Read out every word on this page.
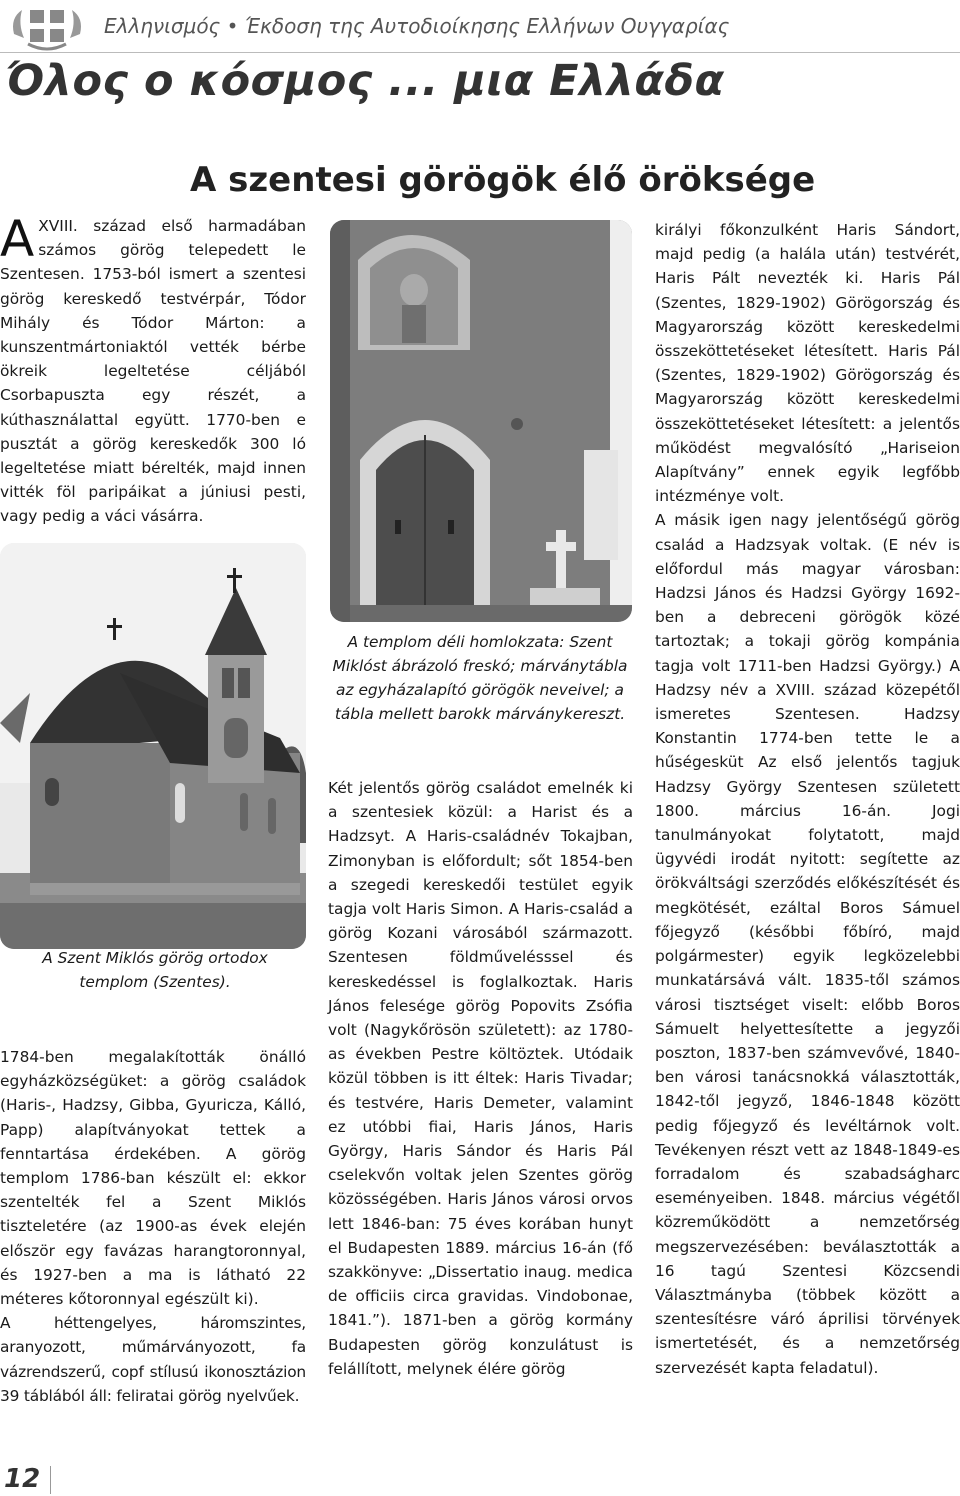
Ελληνισμός • Έκδοση της Αυτοδιοίκησης Ελλήνων Ουγγαρίας
Όλος ο κόσμος ... μια Ελλάδα
A szentesi görögök élő öröksége

AXVIII. század első harmadában számos görög telepedett le Szentesen. 1753-ból ismert a szentesi görög kereskedő testvérpár, Tódor Mihály és Tódor Márton: a kunszentmártoniaktól vették bérbe ökreik legeltetése céljából Csorbapuszta egy részét, a kúthasználattal együtt. 1770-ben e pusztát a görög kereskedők 300 ló legeltetése miatt bérelték, majd innen vitték föl paripáikat a júniusi pesti, vagy pedig a váci vásárra.

A Szent Miklós görög ortodox templom (Szentes).

1784-ben megalakították önálló egyházközségüket: a görög családok (Haris-, Hadzsy, Gibba, Gyuricza, Kálló, Papp) alapítványokat tettek a fenntartása érdekében. A görög templom 1786-ban készült el: ekkor szentelték fel a Szent Miklós tiszteletére (az 1900-as évek elején először egy favázas harangtoronnyal, és 1927-ben a ma is látható 22 méteres kőtoronnyal egészült ki).

A héttengelyes, háromszintes, aranyozott, műmárványozott, fa vázrendszerű, copf stílusú ikonosztázion 39 táblából áll: feliratai görög nyelvűek.

A templom déli homlokzata: Szent Miklóst ábrázoló freskó; márványtábla az egyházalapító görögök neveivel; a tábla mellett barokk márványkereszt.

Két jelentős görög családot emelnék ki a szentesiek közül: a Harist és a Hadzsyt. A Haris-családnév Tokajban, Zimonyban is előfordult; sőt 1854-ben a szegedi kereskedői testület egyik tagja volt Haris Simon. A Haris-család a görög Kozani városából származott. Szentesen földművelésssel és kereskedéssel is foglalkoztak. Haris János felesége görög Popovits Zsófia volt (Nagykőrösön született): az 1780-as években Pestre költöztek. Utódaik közül többen is itt éltek: Haris Tivadar; és testvére, Haris Demeter, valamint ez utóbbi fiai, Haris János, Haris György, Haris Sándor és Haris Pál cselekvőn voltak jelen Szentes görög közösségében. Haris János városi orvos lett 1846-ban: 75 éves korában hunyt el Budapesten 1889. március 16-án (fő szakkönyve: „Dissertatio inaug. medica de officiis circa gravidas. Vindobonae, 1841.”). 1871-ben a görög kormány Budapesten görög konzulátust is felállított, melynek élére görög

királyi főkonzulként Haris Sándort, majd pedig (a halála után) testvérét, Haris Pált nevezték ki. Haris Pál (Szentes, 1829-1902) Görögország és Magyarország között kereskedelmi összeköttetéseket létesített. Haris Pál (Szentes, 1829-1902) Görögország és Magyarország között kereskedelmi összeköttetéseket létesített: a jelentős működést megvalósító „Hariseion Alapítvány” ennek egyik legfőbb intézménye volt.

A másik igen nagy jelentőségű görög család a Hadzsyak voltak. (E név is előfordul más magyar városban: Hadzsi János és Hadzsi György 1692-ben a debreceni görögök közé tartoztak; a tokaji görög kompánia tagja volt 1711-ben Hadzsi György.) A Hadzsy név a XVIII. század közepétől ismeretes Szentesen. Hadzsy Konstantin 1774-ben tette le a hűségesküt Az első jelentős tagjuk Hadzsy György Szentesen született 1800. március 16-án. Jogi tanulmányokat folytatott, majd ügyvédi irodát nyitott: segítette az örökváltsági szerződés előkészítését és megkötését, ezáltal Boros Sámuel főjegyző (későbbi főbíró, majd polgármester) egyik legközelebbi munkatársává vált. 1835-től számos városi tisztséget viselt: előbb Boros Sámuelt helyettesítette a jegyzői poszton, 1837-ben számvevővé, 1840-ben városi tanácsnokká választották, 1842-től jegyző, 1846-1848 között pedig főjegyző és levéltárnok volt. Tevékenyen részt vett az 1848-1849-es forradalom és szabadságharc eseményeiben. 1848. március végétől közreműködött a nemzetőrség megszervezésében: beválasztották a 16 tagú Szentesi Közcsendi Választmányba (többek között a szentesítésre váró áprilisi törvények ismertetését, és a nemzetőrség szervezését kapta feladatul).

12
